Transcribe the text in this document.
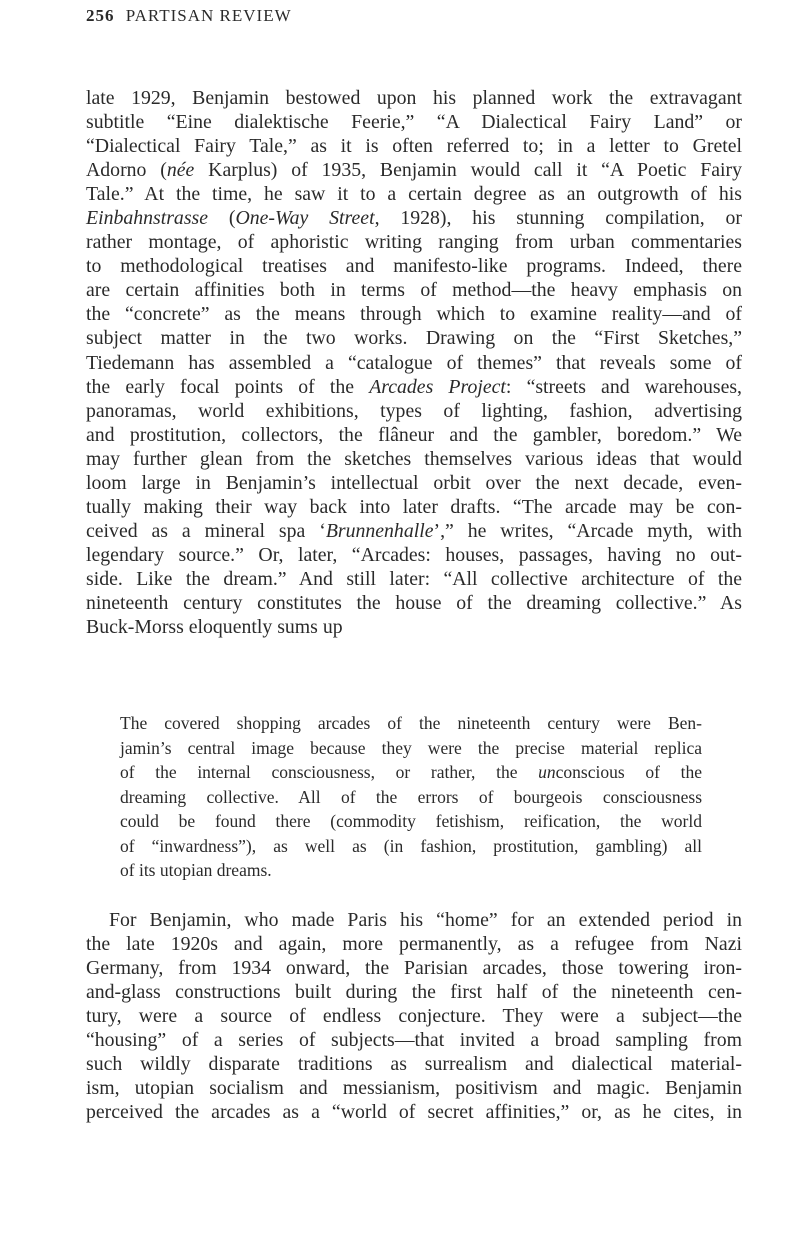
256 PARTISAN REVIEW
late 1929, Benjamin bestowed upon his planned work the extravagant
subtitle “Eine dialektische Feerie,” “A Dialectical Fairy Land” or
“Dialectical Fairy Tale,” as it is often referred to; in a letter to Gretel
Adorno (née Karplus) of 1935, Benjamin would call it “A Poetic Fairy
Tale.” At the time, he saw it to a certain degree as an outgrowth of his
Einbahnstrasse (One-Way Street, 1928), his stunning compilation, or
rather montage, of aphoristic writing ranging from urban commentaries
to methodological treatises and manifesto-like programs. Indeed, there
are certain affinities both in terms of method—the heavy emphasis on
the “concrete” as the means through which to examine reality—and of
subject matter in the two works. Drawing on the “First Sketches,”
Tiedemann has assembled a “catalogue of themes” that reveals some of
the early focal points of the Arcades Project: “streets and warehouses,
panoramas, world exhibitions, types of lighting, fashion, advertising
and prostitution, collectors, the flâneur and the gambler, boredom.” We
may further glean from the sketches themselves various ideas that would
loom large in Benjamin’s intellectual orbit over the next decade, even-
tually making their way back into later drafts. “The arcade may be con-
ceived as a mineral spa ‘Brunnenhalle’,” he writes, “Arcade myth, with
legendary source.” Or, later, “Arcades: houses, passages, having no out-
side. Like the dream.” And still later: “All collective architecture of the
nineteenth century constitutes the house of the dreaming collective.” As
Buck-Morss eloquently sums up
The covered shopping arcades of the nineteenth century were Ben-
jamin’s central image because they were the precise material replica
of the internal consciousness, or rather, the unconscious of the
dreaming collective. All of the errors of bourgeois consciousness
could be found there (commodity fetishism, reification, the world
of “inwardness”), as well as (in fashion, prostitution, gambling) all
of its utopian dreams.
For Benjamin, who made Paris his “home” for an extended period in
the late 1920s and again, more permanently, as a refugee from Nazi
Germany, from 1934 onward, the Parisian arcades, those towering iron-
and-glass constructions built during the first half of the nineteenth cen-
tury, were a source of endless conjecture. They were a subject—the
“housing” of a series of subjects—that invited a broad sampling from
such wildly disparate traditions as surrealism and dialectical material-
ism, utopian socialism and messianism, positivism and magic. Benjamin
perceived the arcades as a “world of secret affinities,” or, as he cites, in
